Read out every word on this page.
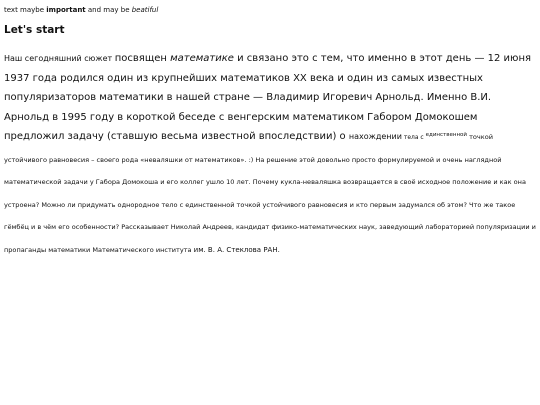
text maybe important and may be beatiful

Let's start

Наш сегодняшний сюжет посвящен математике и связано это с тем, что именно в этот день — 12 июня 1937 года родился один из крупнейших математиков XX века и один из самых известных популяризаторов математики в нашей стране — Владимир Игоревич Арнольд. Именно В.И. Арнольд в 1995 году в короткой беседе с венгерским математиком Габором Домокошем предложил задачу (ставшую весьма известной впоследствии) о нахождении тела с $^{единственной}$ точкой устойчивого равновесия – своего рода «неваляшки от математиков». :) На решение этой довольно просто формулируемой и очень наглядной математической задачи у Габора Домокоша и его коллег ушло 10 лет. Почему кукла-неваляшка возвращается в своё исходное положение и как она устроена? Можно ли придумать однородное тело с единственной точкой устойчивого равновесия и кто первым задумался об этом? Что же такое гёмбёц и в чём его особенности? Рассказывает Николай Андреев, кандидат физико-математических наук, заведующий лабораторией популяризации и пропаганды математики Математического института им. В. А. Стеклова РАН.
